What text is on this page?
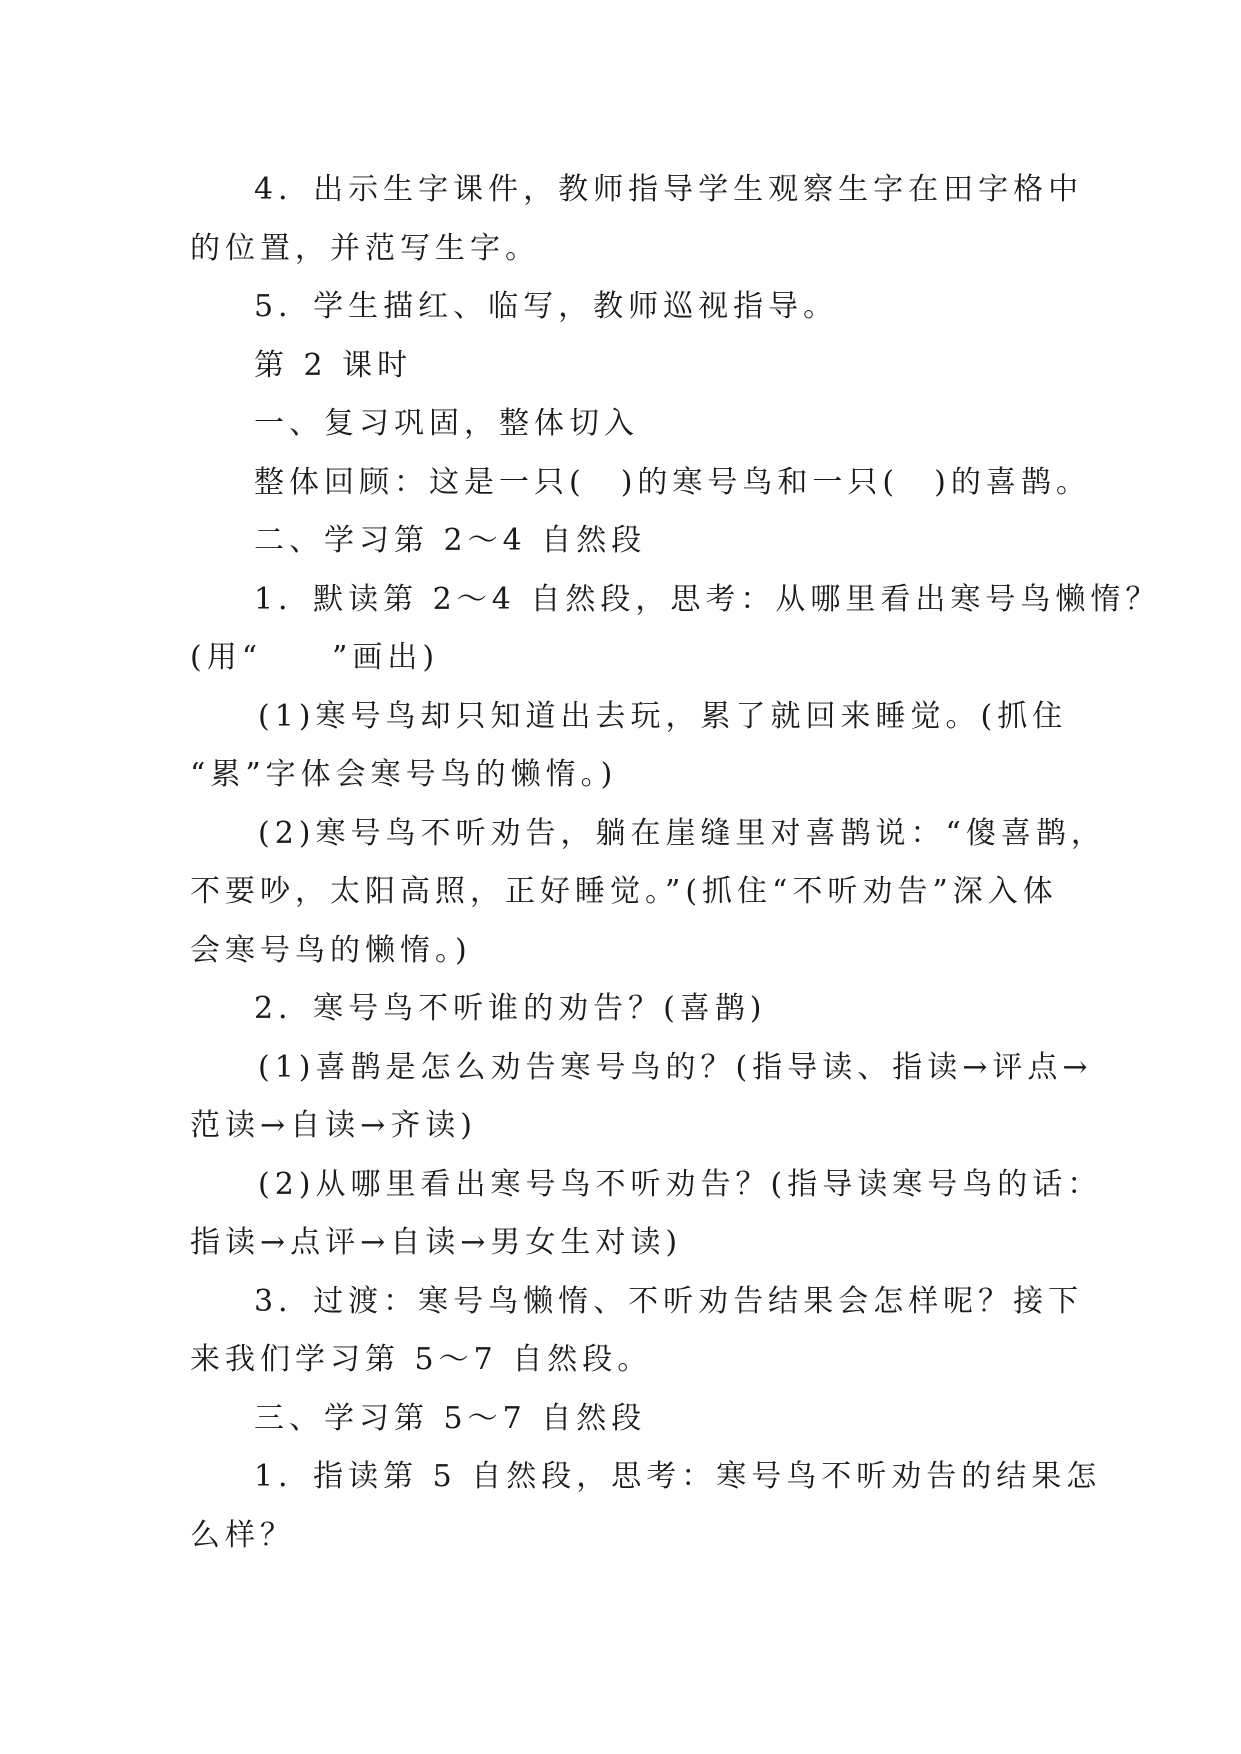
4．出示生字课件，教师指导学生观察生字在田字格中
的位置，并范写生字。
5．学生描红、临写，教师巡视指导。
第 2 课时
一、复习巩固，整体切入
整体回顾：这是一只(　)的寒号鸟和一只(　)的喜鹊。
二、学习第 2～4 自然段
1．默读第 2～4 自然段，思考：从哪里看出寒号鸟懒惰？
(用“　　”画出)
(1)寒号鸟却只知道出去玩，累了就回来睡觉。(抓住
“累”字体会寒号鸟的懒惰。)
(2)寒号鸟不听劝告，躺在崖缝里对喜鹊说：“傻喜鹊，
不要吵，太阳高照，正好睡觉。”(抓住“不听劝告”深入体
会寒号鸟的懒惰。)
2．寒号鸟不听谁的劝告？(喜鹊)
(1)喜鹊是怎么劝告寒号鸟的？(指导读、指读→评点→
范读→自读→齐读)
(2)从哪里看出寒号鸟不听劝告？(指导读寒号鸟的话：
指读→点评→自读→男女生对读)
3．过渡：寒号鸟懒惰、不听劝告结果会怎样呢？接下
来我们学习第 5～7 自然段。
三、学习第 5～7 自然段
1．指读第 5 自然段，思考：寒号鸟不听劝告的结果怎
么样？
